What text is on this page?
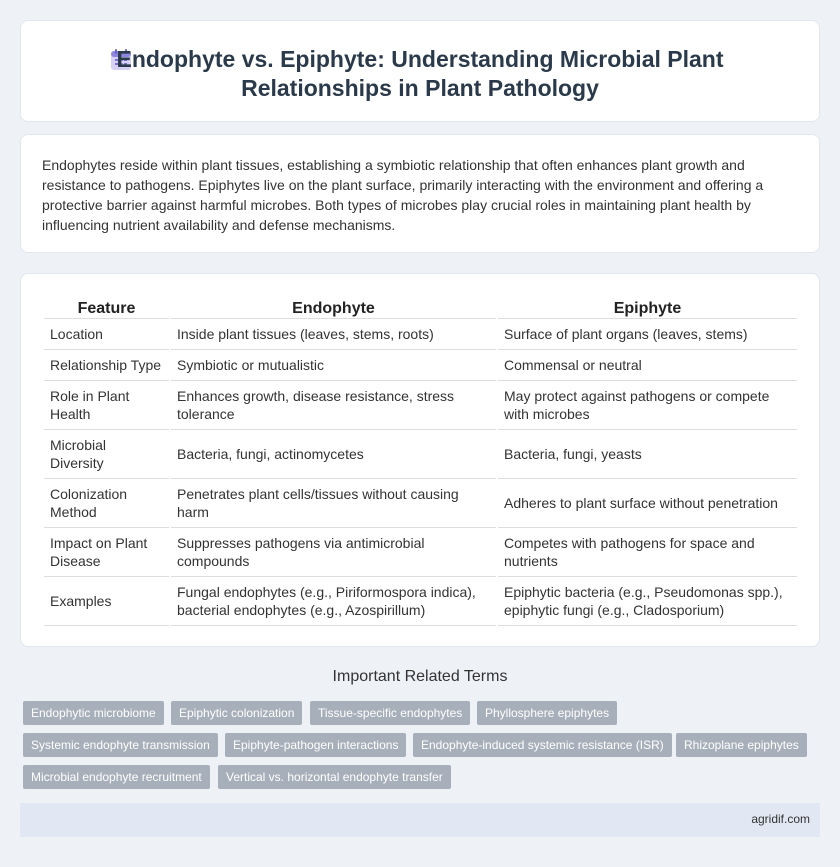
Endophyte vs. Epiphyte: Understanding Microbial Plant
Relationships in Plant Pathology

Endophytes reside within plant tissues, establishing a symbiotic relationship that often enhances plant growth and resistance to pathogens. Epiphytes live on the plant surface, primarily interacting with the environment and offering a protective barrier against harmful microbes. Both types of microbes play crucial roles in maintaining plant health by influencing nutrient availability and defense mechanisms.

Feature	Endophyte	Epiphyte
Location	Inside plant tissues (leaves, stems, roots)	Surface of plant organs (leaves, stems)
Relationship Type	Symbiotic or mutualistic	Commensal or neutral
Role in Plant Health	Enhances growth, disease resistance, stress tolerance	May protect against pathogens or compete with microbes
Microbial Diversity	Bacteria, fungi, actinomycetes	Bacteria, fungi, yeasts
Colonization Method	Penetrates plant cells/tissues without causing harm	Adheres to plant surface without penetration
Impact on Plant Disease	Suppresses pathogens via antimicrobial compounds	Competes with pathogens for space and nutrients
Examples	Fungal endophytes (e.g., Piriformospora indica), bacterial endophytes (e.g., Azospirillum)	Epiphytic bacteria (e.g., Pseudomonas spp.), epiphytic fungi (e.g., Cladosporium)
Important Related Terms
Endophytic microbiome	Epiphytic colonization	Tissue-specific endophytes	Phyllosphere epiphytes
Systemic endophyte transmission	Epiphyte-pathogen interactions	Endophyte-induced systemic resistance (ISR)	Rhizoplane epiphytes
Microbial endophyte recruitment	Vertical vs. horizontal endophyte transfer
agridif.com
